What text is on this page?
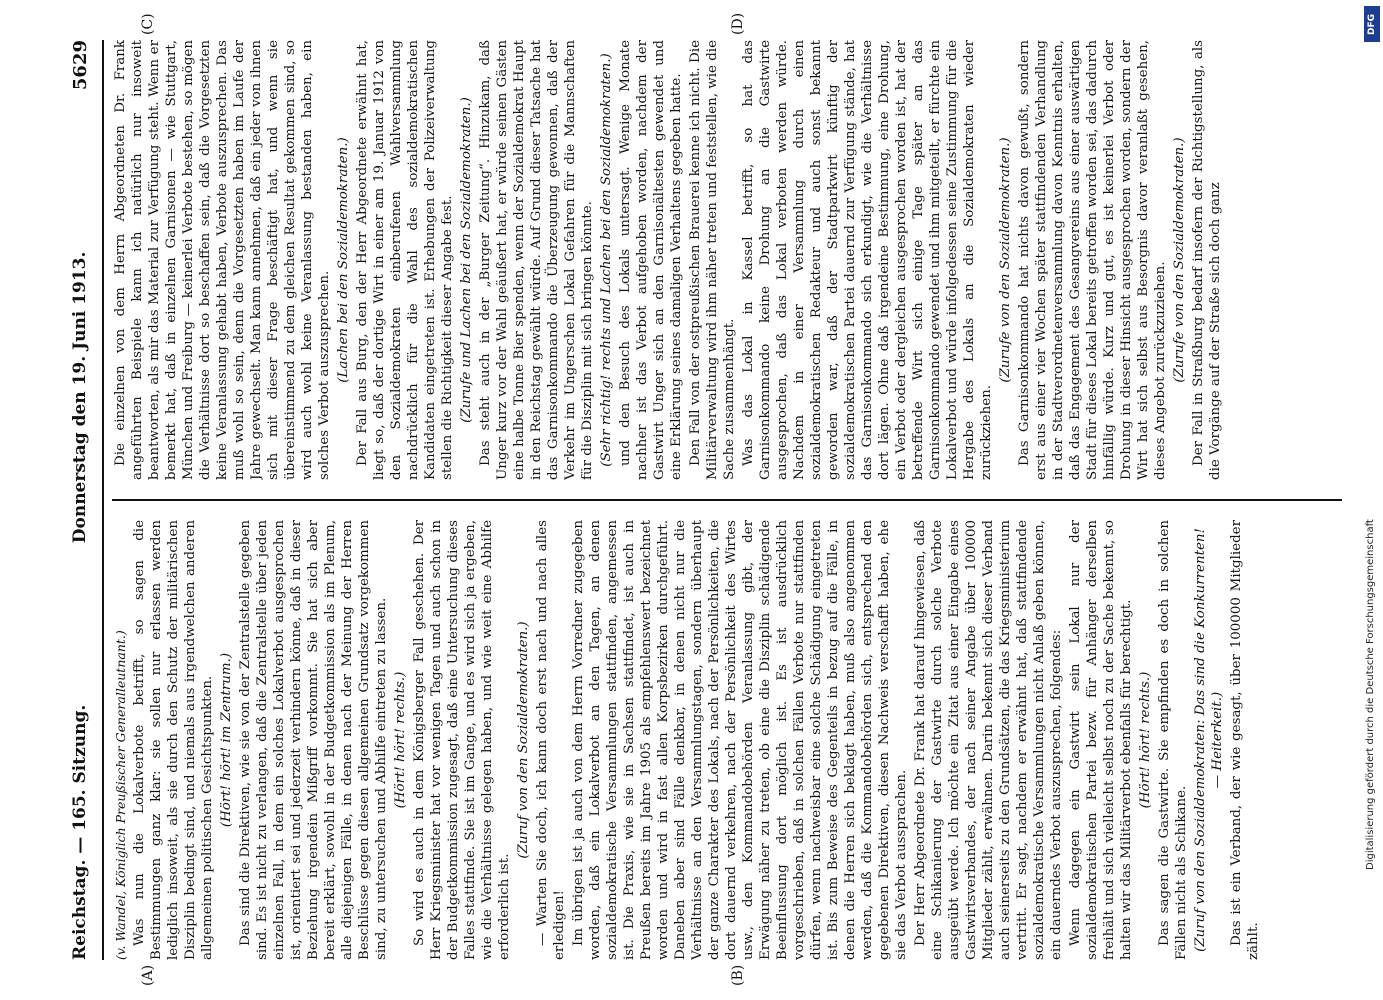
Reichstag. — 165. Sitzung.
Donnerstag den 19. Juni 1913.
5629
(A)	(B)
(C)	(D)

(v. Wandel, Königlich Preußischer Generalleutnant.) Was nun die Lokalverbote betrifft, so sagen die Bestimmungen ganz klar: sie sollen nur erlassen werden lediglich insoweit, als sie durch den Schutz der militärischen Disziplin bedingt sind, und niemals aus irgendwelchen anderen allgemeinen politischen Gesichtspunkten. (Hört! hört! im Zentrum.) Das sind die Direktiven, wie sie von der Zentralstelle gegeben sind. Es ist nicht zu verlangen, daß die Zentralstelle über jeden einzelnen Fall, in dem ein solches Lokalverbot ausgesprochen ist, orientiert sei und jederzeit verhindern könne, daß in dieser Beziehung irgendein Mißgriff vorkommt. Sie hat sich aber bereit erklärt, sowohl in der Budgetkommission als im Plenum, alle diejenigen Fälle, in denen nach der Meinung der Herren Beschlüsse gegen diesen allgemeinen Grundsatz vorgekommen sind, zu untersuchen und Abhilfe eintreten zu lassen. (Hört! hört! rechts.) So wird es auch in dem Königsberger Fall geschehen. Der Herr Kriegsminister hat vor wenigen Tagen und auch schon in der Budgetkommission zugesagt, daß eine Untersuchung dieses Falles stattfinde. Sie ist im Gange, und es wird sich ja ergeben, wie die Verhältnisse gelegen haben, und wie weit eine Abhilfe erforderlich ist.

(Zuruf von den Sozialdemokraten.) — Warten Sie doch, ich kann doch erst nach und nach alles erledigen! Im übrigen ist ja auch von dem Herrn Vorredner zugegeben worden, daß ein Lokalverbot an den Tagen, an denen sozialdemokratische Versammlungen stattfinden, angemessen ist. Die Praxis, wie sie in Sachsen stattfindet, ist auch in Preußen bereits im Jahre 1905 als empfehlenswert bezeichnet worden und wird in fast allen Korpsbezirken durchgeführt. Daneben aber sind Fälle denkbar, in denen nicht nur die Verhältnisse an den Versammlungstagen, sondern überhaupt der ganze Charakter des Lokals, nach der Persönlichkeiten, die dort dauernd verkehren, nach der Persönlichkeit des Wirtes usw., den Kommandobehörden Veranlassung gibt, der Erwägung näher zu treten, ob eine die Disziplin schädigende Beeinflussung dort möglich ist. Es ist ausdrücklich vorgeschrieben, daß in solchen Fällen Verbote nur stattfinden dürfen, wenn nachweisbar eine solche Schädigung eingetreten ist. Bis zum Beweise des Gegenteils in bezug auf die Fälle, in denen die Herren sich beklagt haben, muß also angenommen werden, daß die Kommandobehörden sich, entsprechend den gegebenen Direktiven, diesen Nachweis verschafft haben, ehe sie das Verbot aussprachen. Der Herr Abgeordnete Dr. Frank hat darauf hingewiesen, daß eine Schikanierung der Gastwirte durch solche Verbote ausgeübt werde. Ich möchte ein Zitat aus einer Eingabe eines Gastwirtsverbandes, der nach seiner Angabe über 100000 Mitglieder zählt, erwähnen. Darin bekennt sich dieser Verband auch seinerseits zu den Grundsätzen, die das Kriegsministerium vertritt. Er sagt, nachdem er erwähnt hat, daß stattfindende sozialdemokratische Versammlungen nicht Anlaß geben können, ein dauerndes Verbot auszusprechen, folgendes: Wenn dagegen ein Gastwirt sein Lokal nur der sozialdemokratischen Partei bezw. für Anhänger derselben freihält und sich vielleicht selbst noch zu der Sache bekennt, so halten wir das Militärverbot ebenfalls für berechtigt. (Hört! hört! rechts.) Das sagen die Gastwirte. Sie empfinden es doch in solchen Fällen nicht als Schikane. (Zuruf von den Sozialdemokraten: Das sind die Konkurrenten! — Heiterkeit.) Das ist ein Verband, der wie gesagt, über 100000 Mitglieder zählt.

Die einzelnen von dem Herrn Abgeordneten Dr. Frank angeführten Beispiele kann ich natürlich nur insoweit beantworten, als mir das Material zur Verfügung steht. Wenn er bemerkt hat, daß in einzelnen Garnisonen — wie Stuttgart, München und Freiburg — keinerlei Verbote bestehen, so mögen die Verhältnisse dort so beschaffen sein, daß die Vorgesetzten keine Veranlassung gehabt haben, Verbote auszusprechen. Das muß wohl so sein, denn die Vorgesetzten haben im Laufe der Jahre gewechselt. Man kann annehmen, daß ein jeder von ihnen sich mit dieser Frage beschäftigt hat, und wenn sie übereinstimmend zu dem gleichen Resultat gekommen sind, so wird auch wohl keine Veranlassung bestanden haben, ein solches Verbot auszusprechen. (Lachen bei den Sozialdemokraten.) Der Fall aus Burg, den der Herr Abgeordnete erwähnt hat, liegt so, daß der dortige Wirt in einer am 19. Januar 1912 von den Sozialdemokraten einberufenen Wahlversammlung nachdrücklich für die Wahl des sozialdemokratischen Kandidaten eingetreten ist. Erhebungen der Polizeiverwaltung stellen die Richtigkeit dieser Angabe fest. (Zurufe und Lachen bei den Sozialdemokraten.) Das steht auch in der „Burger Zeitung“. Hinzukam, daß Unger kurz vor der Wahl geäußert hat, er würde seinen Gästen eine halbe Tonne Bier spenden, wenn der Sozialdemokrat Haupt in den Reichstag gewählt würde. Auf Grund dieser Tatsache hat das Garnisonkommando die Überzeugung gewonnen, daß der Verkehr im Ungerschen Lokal Gefahren für die Mannschaften für die Disziplin mit sich bringen könnte. (Sehr richtig! rechts und Lachen bei den Sozialdemokraten.) und den Besuch des Lokals untersagt. Wenige Monate nachher ist das Verbot aufgehoben worden, nachdem der Gastwirt Unger sich an den Garnisonältesten gewendet und eine Erklärung seines damaligen Verhaltens gegeben hatte. Den Fall von der ostpreußischen Brauerei kenne ich nicht. Die Militärverwaltung wird ihm näher treten und feststellen, wie die Sache zusammenhängt. Was das Lokal in Kassel betrifft, so hat das Garnisonkommando keine Drohung an die Gastwirte ausgesprochen, daß das Lokal verboten werden würde. Nachdem in einer Versammlung durch einen sozialdemokratischen Redakteur und auch sonst bekannt geworden war, daß der Stadtparkwirt künftig der sozialdemokratischen Partei dauernd zur Verfügung stände, hat das Garnisonkommando sich erkundigt, wie die Verhältnisse dort lägen. Ohne daß irgendeine Bestimmung, eine Drohung, ein Verbot oder dergleichen ausgesprochen worden ist, hat der betreffende Wirt sich einige Tage später an das Garnisonkommando gewendet und ihm mitgeteilt, er fürchte ein Lokalverbot und würde infolgedessen seine Zustimmung für die Hergabe des Lokals an die Sozialdemokraten wieder zurückziehen.

(Zurufe von den Sozialdemokraten.) Das Garnisonkommando hat nichts davon gewußt, sondern erst aus einer vier Wochen später stattfindenden Verhandlung in der Stadtverordnetenversammlung davon Kenntnis erhalten, daß das Engagement des Gesangvereins aus einer auswärtigen Stadt für dieses Lokal bereits getroffen worden sei, das dadurch hinfällig würde. Kurz und gut, es ist keinerlei Verbot oder Drohung in dieser Hinsicht ausgesprochen worden, sondern der Wirt hat sich selbst aus Besorgnis davor veranlaßt gesehen, dieses Angebot zurückzuziehen. (Zurufe von den Sozialdemokraten.) Der Fall in Straßburg bedarf insofern der Richtigstellung, als die Vorgänge auf der Straße sich doch ganz

DFG
Digitalisierung gefördert durch die Deutsche Forschungsgemeinschaft
